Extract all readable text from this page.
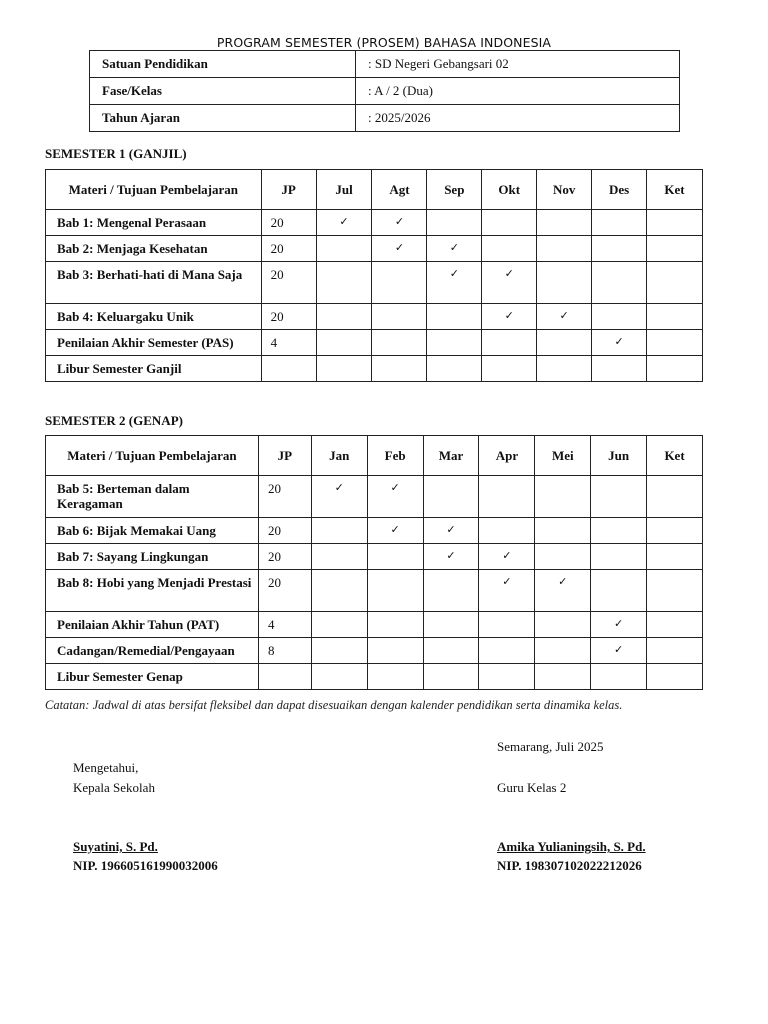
PROGRAM SEMESTER (PROSEM) BAHASA INDONESIA
Satuan Pendidikan	: SD Negeri Gebangsari 02
Fase/Kelas	: A / 2 (Dua)
Tahun Ajaran	: 2025/2026
SEMESTER 1 (GANJIL)
Materi / Tujuan Pembelajaran	JP	Jul	Agt	Sep	Okt	Nov	Des	Ket
Bab 1: Mengenal Perasaan	20	✓	✓					
Bab 2: Menjaga Kesehatan	20		✓	✓				
Bab 3: Berhati-hati di Mana Saja	20			✓	✓			
Bab 4: Keluargaku Unik	20				✓	✓		
Penilaian Akhir Semester (PAS)	4						✓	
Libur Semester Ganjil								
SEMESTER 2 (GENAP)
Materi / Tujuan Pembelajaran	JP	Jan	Feb	Mar	Apr	Mei	Jun	Ket
Bab 5: Berteman dalam Keragaman	20	✓	✓					
Bab 6: Bijak Memakai Uang	20		✓	✓				
Bab 7: Sayang Lingkungan	20			✓	✓			
Bab 8: Hobi yang Menjadi Prestasi	20				✓	✓		
Penilaian Akhir Tahun (PAT)	4						✓	
Cadangan/Remedial/Pengayaan	8						✓	
Libur Semester Genap								
Catatan: Jadwal di atas bersifat fleksibel dan dapat disesuaikan dengan kalender pendidikan serta dinamika kelas.
Semarang, Juli 2025
Mengetahui,
Kepala Sekolah	Guru Kelas 2
Suyatini, S. Pd.	Amika Yulianingsih, S. Pd.
NIP. 196605161990032006	NIP. 198307102022212026
